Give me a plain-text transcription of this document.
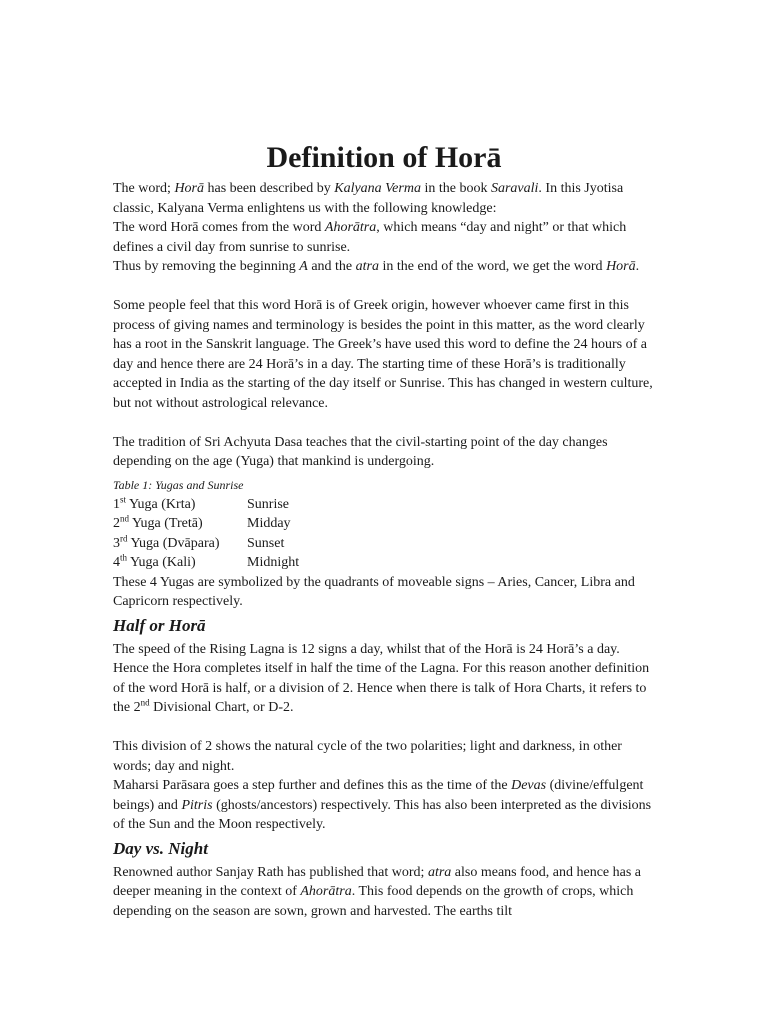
Definition of Horā

The word; Horā has been described by Kalyana Verma in the book Saravali. In this Jyotisa classic, Kalyana Verma enlightens us with the following knowledge:

The word Horā comes from the word Ahorātra, which means “day and night” or that which defines a civil day from sunrise to sunrise.

Thus by removing the beginning A and the atra in the end of the word, we get the word Horā.

Some people feel that this word Horā is of Greek origin, however whoever came first in this process of giving names and terminology is besides the point in this matter, as the word clearly has a root in the Sanskrit language. The Greek’s have used this word to define the 24 hours of a day and hence there are 24 Horā’s in a day. The starting time of these Horā’s is traditionally accepted in India as the starting of the day itself or Sunrise. This has changed in western culture, but not without astrological relevance.

The tradition of Sri Achyuta Dasa teaches that the civil-starting point of the day changes depending on the age (Yuga) that mankind is undergoing.

Table 1: Yugas and Sunrise
1st Yuga (Krta)	Sunrise
2nd Yuga (Tretā)	Midday
3rd Yuga (Dvāpara)	Sunset
4th Yuga (Kali)	Midnight

These 4 Yugas are symbolized by the quadrants of moveable signs – Aries, Cancer, Libra and Capricorn respectively.

Half or Horā

The speed of the Rising Lagna is 12 signs a day, whilst that of the Horā is 24 Horā’s a day. Hence the Hora completes itself in half the time of the Lagna. For this reason another definition of the word Horā is half, or a division of 2. Hence when there is talk of Hora Charts, it refers to the 2nd Divisional Chart, or D-2.

This division of 2 shows the natural cycle of the two polarities; light and darkness, in other words; day and night.

Maharsi Parāsara goes a step further and defines this as the time of the Devas (divine/effulgent beings) and Pitris (ghosts/ancestors) respectively. This has also been interpreted as the divisions of the Sun and the Moon respectively.

Day vs. Night

Renowned author Sanjay Rath has published that word; atra also means food, and hence has a deeper meaning in the context of Ahorātra. This food depends on the growth of crops, which depending on the season are sown, grown and harvested. The earths tilt
